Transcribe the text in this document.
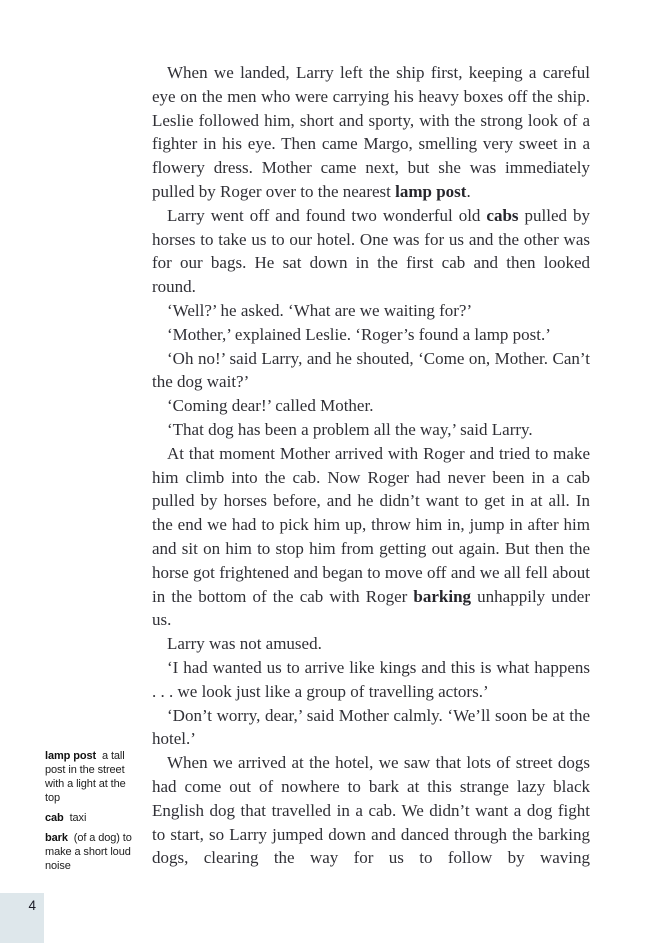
lamp post  a tall post in the street with a light at the top

cab  taxi

bark  (of a dog) to make a short loud noise

When we landed, Larry left the ship first, keeping a careful eye on the men who were carrying his heavy boxes off the ship. Leslie followed him, short and sporty, with the strong look of a fighter in his eye. Then came Margo, smelling very sweet in a flowery dress. Mother came next, but she was immediately pulled by Roger over to the nearest lamp post.

Larry went off and found two wonderful old cabs pulled by horses to take us to our hotel. One was for us and the other was for our bags. He sat down in the first cab and then looked round.

‘Well?’ he asked. ‘What are we waiting for?’

‘Mother,’ explained Leslie. ‘Roger’s found a lamp post.’

‘Oh no!’ said Larry, and he shouted, ‘Come on, Mother. Can’t the dog wait?’

‘Coming dear!’ called Mother.

‘That dog has been a problem all the way,’ said Larry.

At that moment Mother arrived with Roger and tried to make him climb into the cab. Now Roger had never been in a cab pulled by horses before, and he didn’t want to get in at all. In the end we had to pick him up, throw him in, jump in after him and sit on him to stop him from getting out again. But then the horse got frightened and began to move off and we all fell about in the bottom of the cab with Roger barking unhappily under us.

Larry was not amused.

‘I had wanted us to arrive like kings and this is what happens . . . we look just like a group of travelling actors.’

‘Don’t worry, dear,’ said Mother calmly. ‘We’ll soon be at the hotel.’

When we arrived at the hotel, we saw that lots of street dogs had come out of nowhere to bark at this strange lazy black English dog that travelled in a cab. We didn’t want a dog fight to start, so Larry jumped down and danced through the barking dogs, clearing the way for us to follow by waving

4
